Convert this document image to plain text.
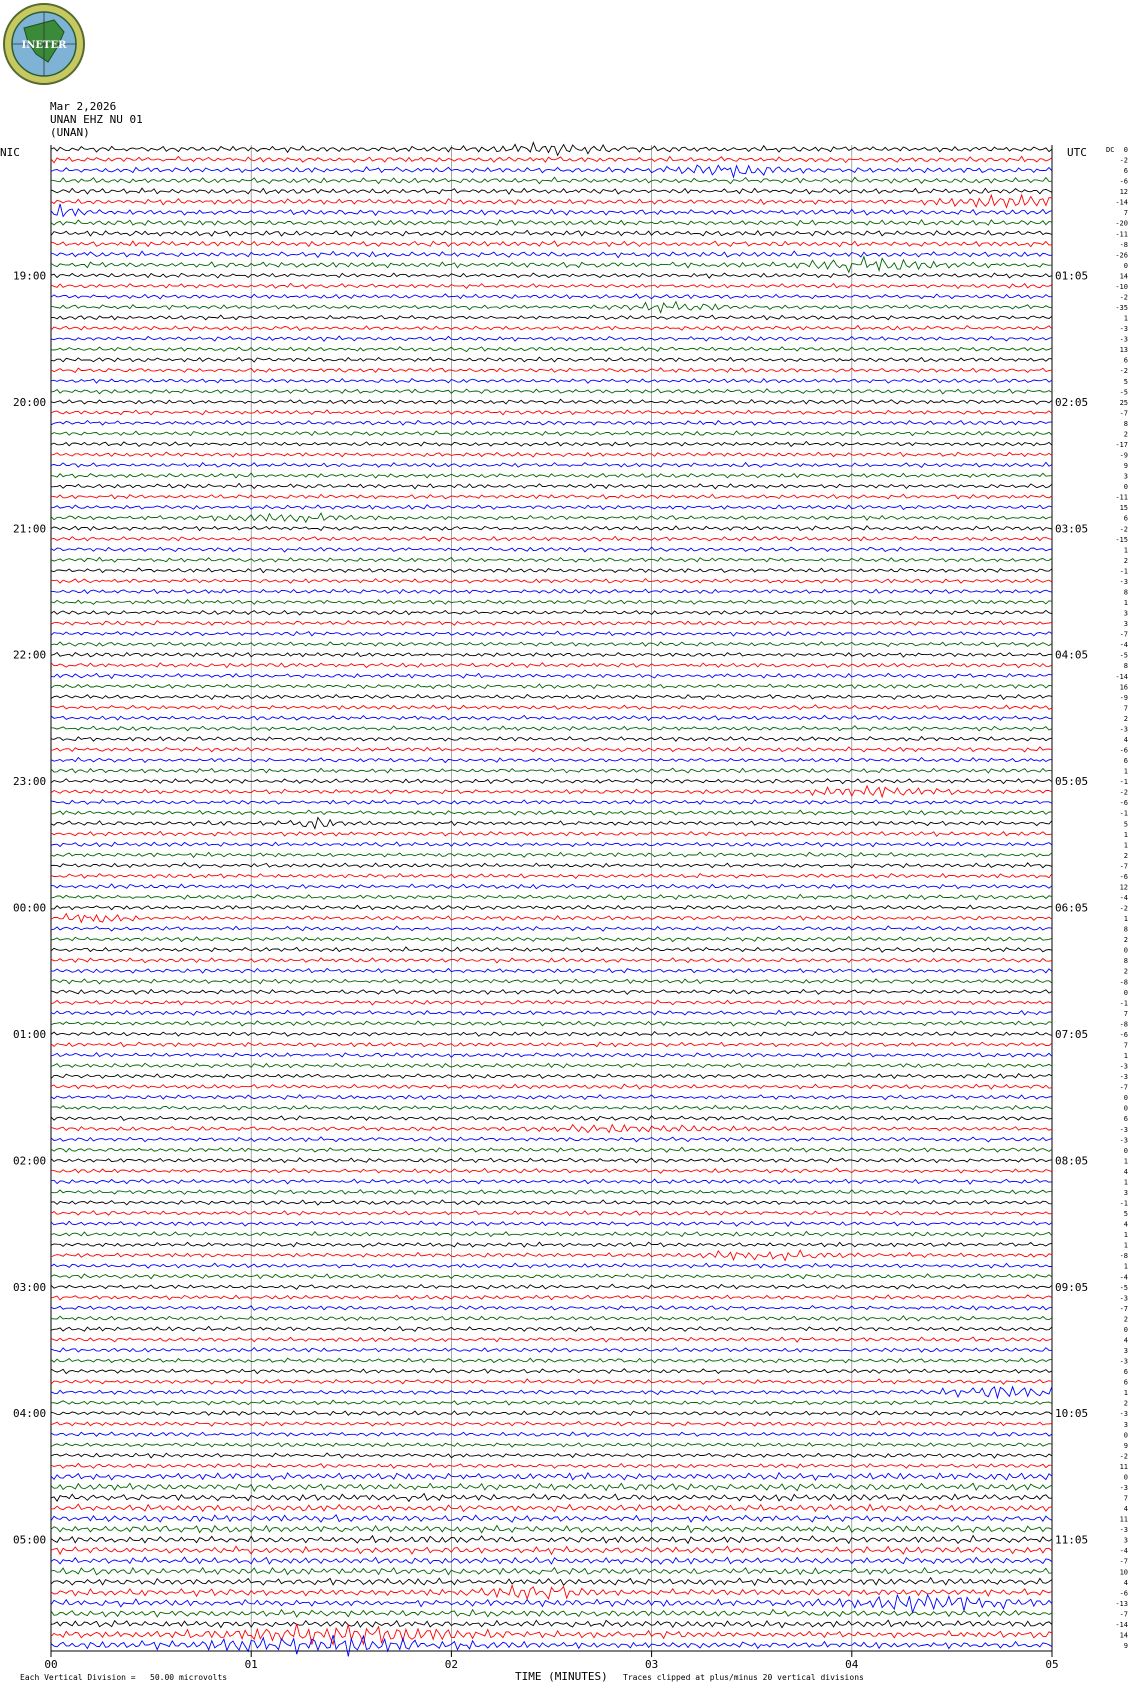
INETER
Mar 2,2026
UNAN EHZ NU 01
(UNAN)
00	01	02	03	04	05
0
-2
6
-6
12
-14
7
-20
-11
-8
-26
0
14
-10
-2
-35
1
-3
-3
13
6
-2
5
-5
25
-7
8
2
-17
-9
9
3
0
-11
15
6
-2
-15
1
2
-1
-3
8
1
3
3
-7
-4
-5
8
-14
16
-9
7
2
-3
4
-6
6
1
-1
-2
-6
-1
5
1
1
2
-7
-6
12
-4
-2
1
8
2
0
8
2
-8
0
-1
7
-8
-6
7
1
-3
-3
-7
0
0
6
-3
-3
0
1
4
1
3
-1
5
4
1
1
-8
1
-4
-5
-3
-7
2
0
4
3
-3
6
6
1
2
-3
3
0
9
-2
11
0
-3
7
4
11
-3
3
-4
-7
10
4
-6
-13
-7
-14
14
9
19:00	01:05
20:00	02:05
21:00	03:05
22:00	04:05
23:00	05:05
00:00	06:05
01:00	07:05
02:00	08:05
03:00	09:05
04:00	10:05
05:00	11:05
NIC	UTC	DC
TIME (MINUTES)
Each Vertical Division =   50.00 microvolts	Traces clipped at plus/minus 20 vertical divisions
